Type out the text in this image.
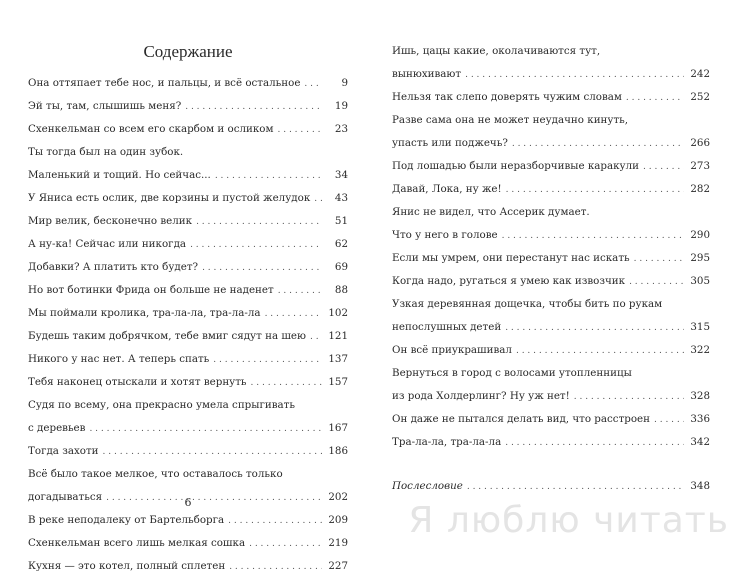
Содержание
Она оттяпает тебе нос, и пальцы, и всё остальное . . .	9
Эй ты, там, слышишь меня? . . .	19
Схенкельман со всем его скарбом и осликом . . .	23
Ты тогда был на один зубок.
Маленький и тощий. Но сейчас... . . .	34
У Яниса есть ослик, две корзины и пустой желудок . . .	43
Мир велик, бесконечно велик . . .	51
А ну-ка! Сейчас или никогда . . .	62
Добавки? А платить кто будет? . . .	69
Но вот ботинки Фрида он больше не наденет . . .	88
Мы поймали кролика, тра-ла-ла, тра-ла-ла . . .	102
Будешь таким добрячком, тебе вмиг сядут на шею . . . 121
Никого у нас нет. А теперь спать . . .	137
Тебя наконец отыскали и хотят вернуть . . .	157
Судя по всему, она прекрасно умела спрыгивать
с деревьев . . .	167
Тогда захоти . . .	186
Всё было такое мелкое, что оставалось только
догадываться . . .	202
В реке неподалеку от Бартельборга . . .	209
Схенкельман всего лишь мелкая сошка . . .	219
Кухня — это котел, полный сплетен . . .	227
6
Ишь, цацы какие, околачиваются тут,
вынюхивают . . .	242
Нельзя так слепо доверять чужим словам . . .	252
Разве сама она не может неудачно кинуть,
упасть или поджечь? . . .	266
Под лошадью были неразборчивые каракули . . .	273
Давай, Лока, ну же! . . .	282
Янис не видел, что Ассерик думает.
Что у него в голове . . .	290
Если мы умрем, они перестанут нас искать . . .	295
Когда надо, ругаться я умею как извозчик . . .	305
Узкая деревянная дощечка, чтобы бить по рукам
непослушных детей . . .	315
Он всё приукрашивал . . .	322
Вернуться в город с волосами утопленницы
из рода Холдерлинг? Ну уж нет! . . .	328
Он даже не пытался делать вид, что расстроен . . .	336
Тра-ла-ла, тра-ла-ла . . .	342
Послесловие . . .	348
Я люблю читать
